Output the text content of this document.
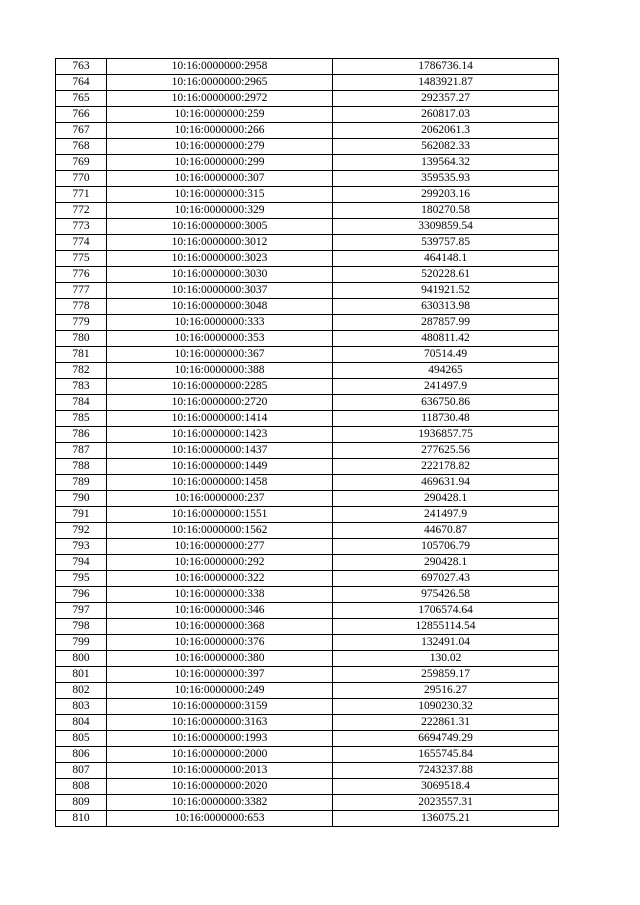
763	10:16:0000000:2958	1786736.14
764	10:16:0000000:2965	1483921.87
765	10:16:0000000:2972	292357.27
766	10:16:0000000:259	260817.03
767	10:16:0000000:266	2062061.3
768	10:16:0000000:279	562082.33
769	10:16:0000000:299	139564.32
770	10:16:0000000:307	359535.93
771	10:16:0000000:315	299203.16
772	10:16:0000000:329	180270.58
773	10:16:0000000:3005	3309859.54
774	10:16:0000000:3012	539757.85
775	10:16:0000000:3023	464148.1
776	10:16:0000000:3030	520228.61
777	10:16:0000000:3037	941921.52
778	10:16:0000000:3048	630313.98
779	10:16:0000000:333	287857.99
780	10:16:0000000:353	480811.42
781	10:16:0000000:367	70514.49
782	10:16:0000000:388	494265
783	10:16:0000000:2285	241497.9
784	10:16:0000000:2720	636750.86
785	10:16:0000000:1414	118730.48
786	10:16:0000000:1423	1936857.75
787	10:16:0000000:1437	277625.56
788	10:16:0000000:1449	222178.82
789	10:16:0000000:1458	469631.94
790	10:16:0000000:237	290428.1
791	10:16:0000000:1551	241497.9
792	10:16:0000000:1562	44670.87
793	10:16:0000000:277	105706.79
794	10:16:0000000:292	290428.1
795	10:16:0000000:322	697027.43
796	10:16:0000000:338	975426.58
797	10:16:0000000:346	1706574.64
798	10:16:0000000:368	12855114.54
799	10:16:0000000:376	132491.04
800	10:16:0000000:380	130.02
801	10:16:0000000:397	259859.17
802	10:16:0000000:249	29516.27
803	10:16:0000000:3159	1090230.32
804	10:16:0000000:3163	222861.31
805	10:16:0000000:1993	6694749.29
806	10:16:0000000:2000	1655745.84
807	10:16:0000000:2013	7243237.88
808	10:16:0000000:2020	3069518.4
809	10:16:0000000:3382	2023557.31
810	10:16:0000000:653	136075.21
